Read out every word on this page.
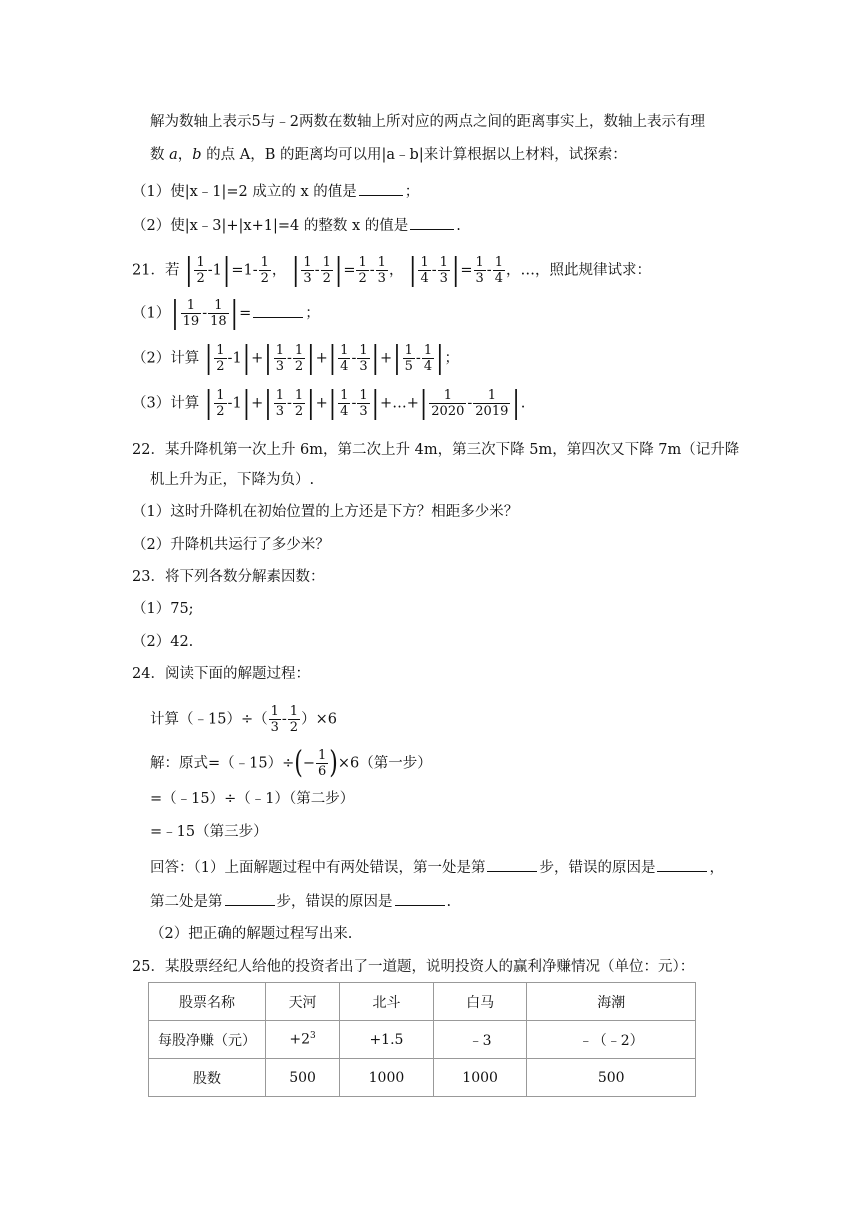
解为数轴上表示5与﹣2两数在数轴上所对应的两点之间的距离事实上，数轴上表示有理
数 a，b 的点 A，B 的距离均可以用|a﹣b|来计算根据以上材料，试探索：
（1）使|x﹣1|=2 成立的 x 的值是	；
（2）使|x﹣3|+|x+1|=4 的整数 x 的值是	.
21．若 | $\frac{1}{2} -1|=1- \frac{1}{2}$ ， | $\frac{1}{3} - \frac{1}{2}$ |= $\frac{1}{2} - \frac{1}{3}$ ， | $\frac{1}{4} - \frac{1}{3}$ |= $\frac{1}{3} - \frac{1}{4}$ ，…，照此规律试求：
$(1)| \frac{1}{19} - \frac{1}{18}$ |=	；
（2）计算 | $\frac{1}{2} -1|+| \frac{1}{3} - \frac{1}{2}$ |+| $\frac{1}{4} - \frac{1}{3}$ |+| $\frac{1}{5} - \frac{1}{4}$ |；
（3）计算 | $\frac{1}{2} -1|+| \frac{1}{3} - \frac{1}{2}$ |+| $\frac{1}{4} - \frac{1}{3}$ |+…+| $\frac{1}{2020} - \frac{1}{2019}$ |.
22．某升降机第一次上升 6m，第二次上升 4m，第三次下降 5m，第四次又下降 7m（记升降
机上升为正，下降为负）.
（1）这时升降机在初始位置的上方还是下方？相距多少米？
（2）升降机共运行了多少米？
23．将下列各数分解素因数：
（1）75;
（2）42.
24．阅读下面的解题过程：
计算（﹣15）÷（ $\frac{1}{3} - \frac{1}{2} )\times 6$
解：原式=（﹣15）÷(− $\frac{1}{6} )\times 6$（第一步）
=（﹣15）÷（﹣1）（第二步）
=﹣15（第三步）
回答：（1）上面解题过程中有两处错误，第一处是第	步，错误的原因是	，
第二处是第	步，错误的原因是	.
（2）把正确的解题过程写出来.
25．某股票经纪人给他的投资者出了一道题，说明投资人的赢利净赚情况（单位：元）：
股票名称	天河	北斗	白马	海潮
每股净赚（元）	$+2^3$	+1.5	﹣3	﹣（﹣2）
股数	500	1000	1000	500
